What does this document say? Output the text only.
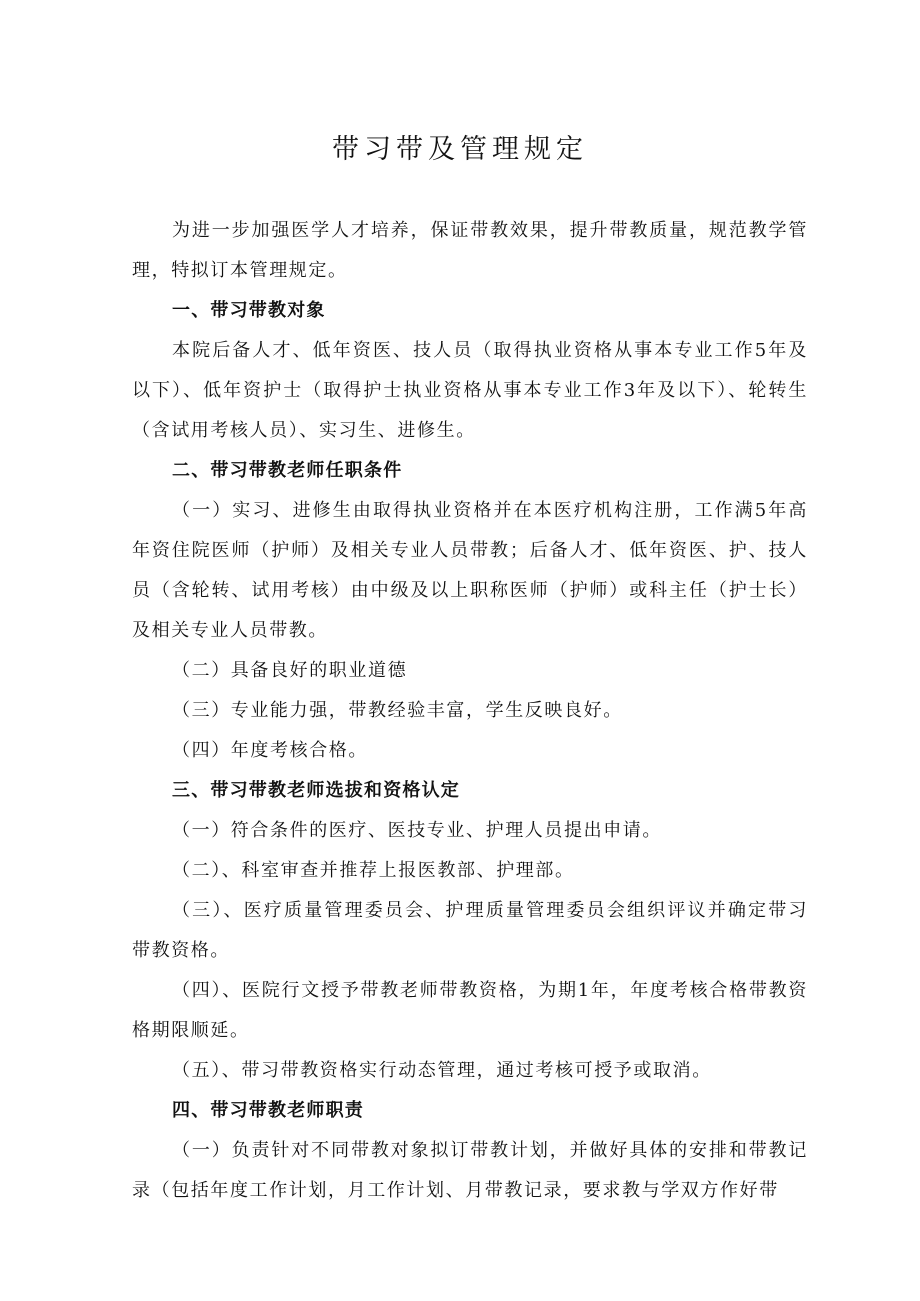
带习带及管理规定

为进一步加强医学人才培养，保证带教效果，提升带教质量，规范教学管理，特拟订本管理规定。

一、带习带教对象

本院后备人才、低年资医、技人员（取得执业资格从事本专业工作5年及以下）、低年资护士（取得护士执业资格从事本专业工作3年及以下）、轮转生（含试用考核人员）、实习生、进修生。

二、带习带教老师任职条件

（一）实习、进修生由取得执业资格并在本医疗机构注册，工作满5年高年资住院医师（护师）及相关专业人员带教；后备人才、低年资医、护、技人员（含轮转、试用考核）由中级及以上职称医师（护师）或科主任（护士长）及相关专业人员带教。

（二）具备良好的职业道德

（三）专业能力强，带教经验丰富，学生反映良好。

（四）年度考核合格。

三、带习带教老师选拔和资格认定

（一）符合条件的医疗、医技专业、护理人员提出申请。

（二）、科室审查并推荐上报医教部、护理部。

（三）、医疗质量管理委员会、护理质量管理委员会组织评议并确定带习带教资格。

（四）、医院行文授予带教老师带教资格，为期1年，年度考核合格带教资格期限顺延。

（五）、带习带教资格实行动态管理，通过考核可授予或取消。

四、带习带教老师职责

（一）负责针对不同带教对象拟订带教计划，并做好具体的安排和带教记录（包括年度工作计划，月工作计划、月带教记录，要求教与学双方作好带
